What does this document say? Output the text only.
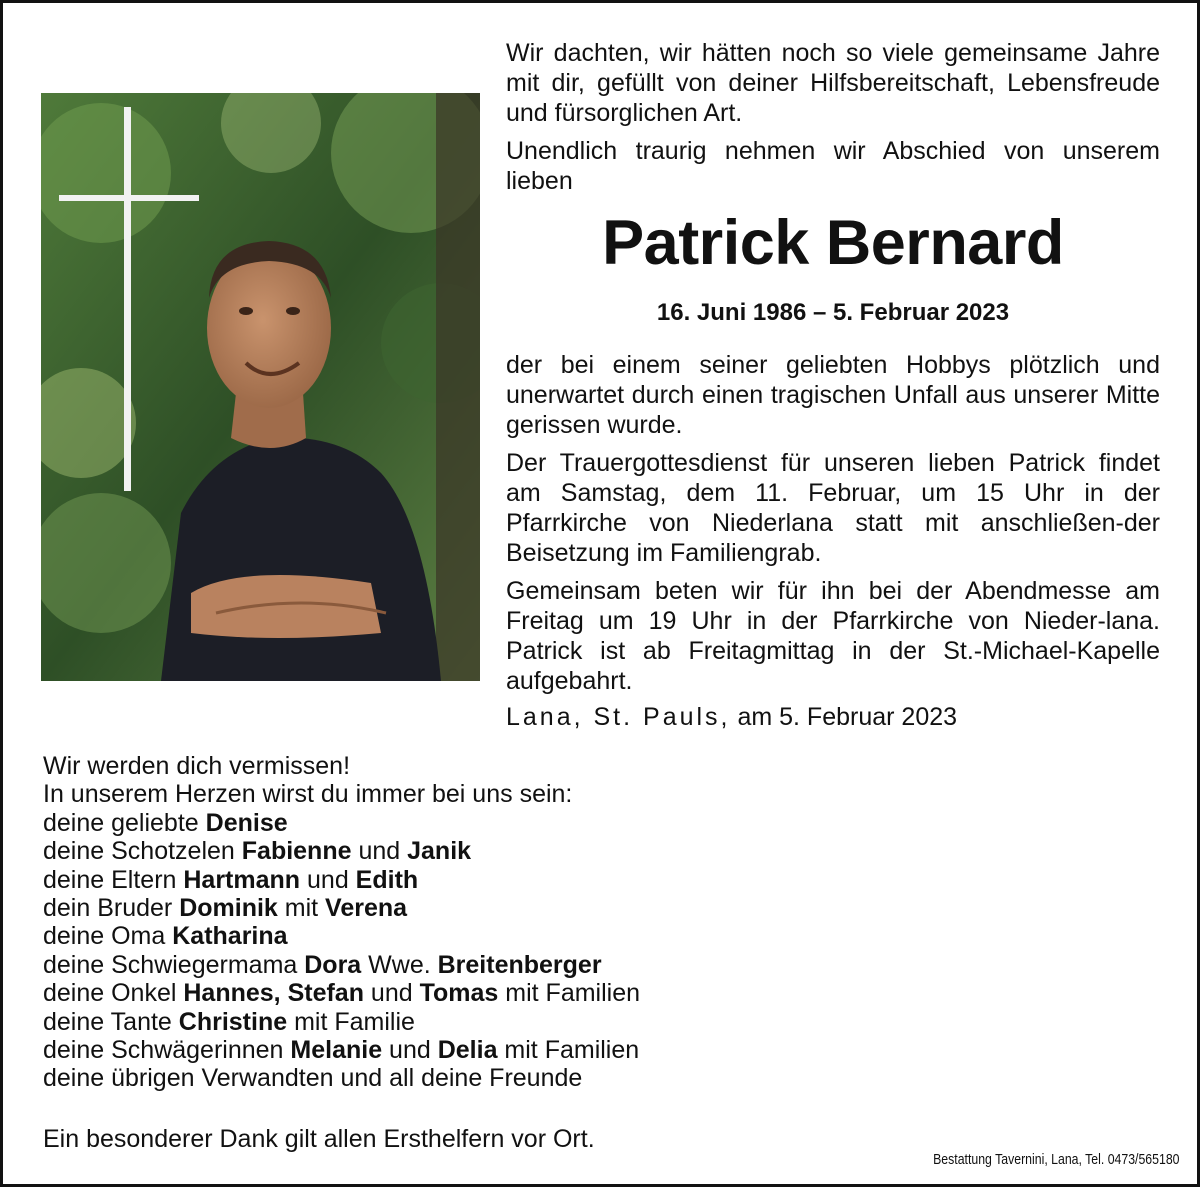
Wir dachten, wir hätten noch so viele gemeinsame Jahre mit dir, gefüllt von deiner Hilfsbereitschaft, Lebensfreude und fürsorglichen Art.

Unendlich traurig nehmen wir Abschied von unserem lieben

Patrick Bernard
16. Juni 1986 – 5. Februar 2023

der bei einem seiner geliebten Hobbys plötzlich und unerwartet durch einen tragischen Unfall aus unserer Mitte gerissen wurde.

Der Trauergottesdienst für unseren lieben Patrick findet am Samstag, dem 11. Februar, um 15 Uhr in der Pfarrkirche von Niederlana statt mit anschließen-der Beisetzung im Familiengrab.

Gemeinsam beten wir für ihn bei der Abendmesse am Freitag um 19 Uhr in der Pfarrkirche von Nieder-lana. Patrick ist ab Freitagmittag in der St.-Michael-Kapelle aufgebahrt.

Lana, St. Pauls, am 5. Februar 2023
Wir werden dich vermissen!
In unserem Herzen wirst du immer bei uns sein:
deine geliebte Denise
deine Schotzelen Fabienne und Janik
deine Eltern Hartmann und Edith
dein Bruder Dominik mit Verena
deine Oma Katharina
deine Schwiegermama Dora Wwe. Breitenberger
deine Onkel Hannes, Stefan und Tomas mit Familien
deine Tante Christine mit Familie
deine Schwägerinnen Melanie und Delia mit Familien
deine übrigen Verwandten und all deine Freunde
Ein besonderer Dank gilt allen Ersthelfern vor Ort.
Bestattung Tavernini, Lana, Tel. 0473/565180
